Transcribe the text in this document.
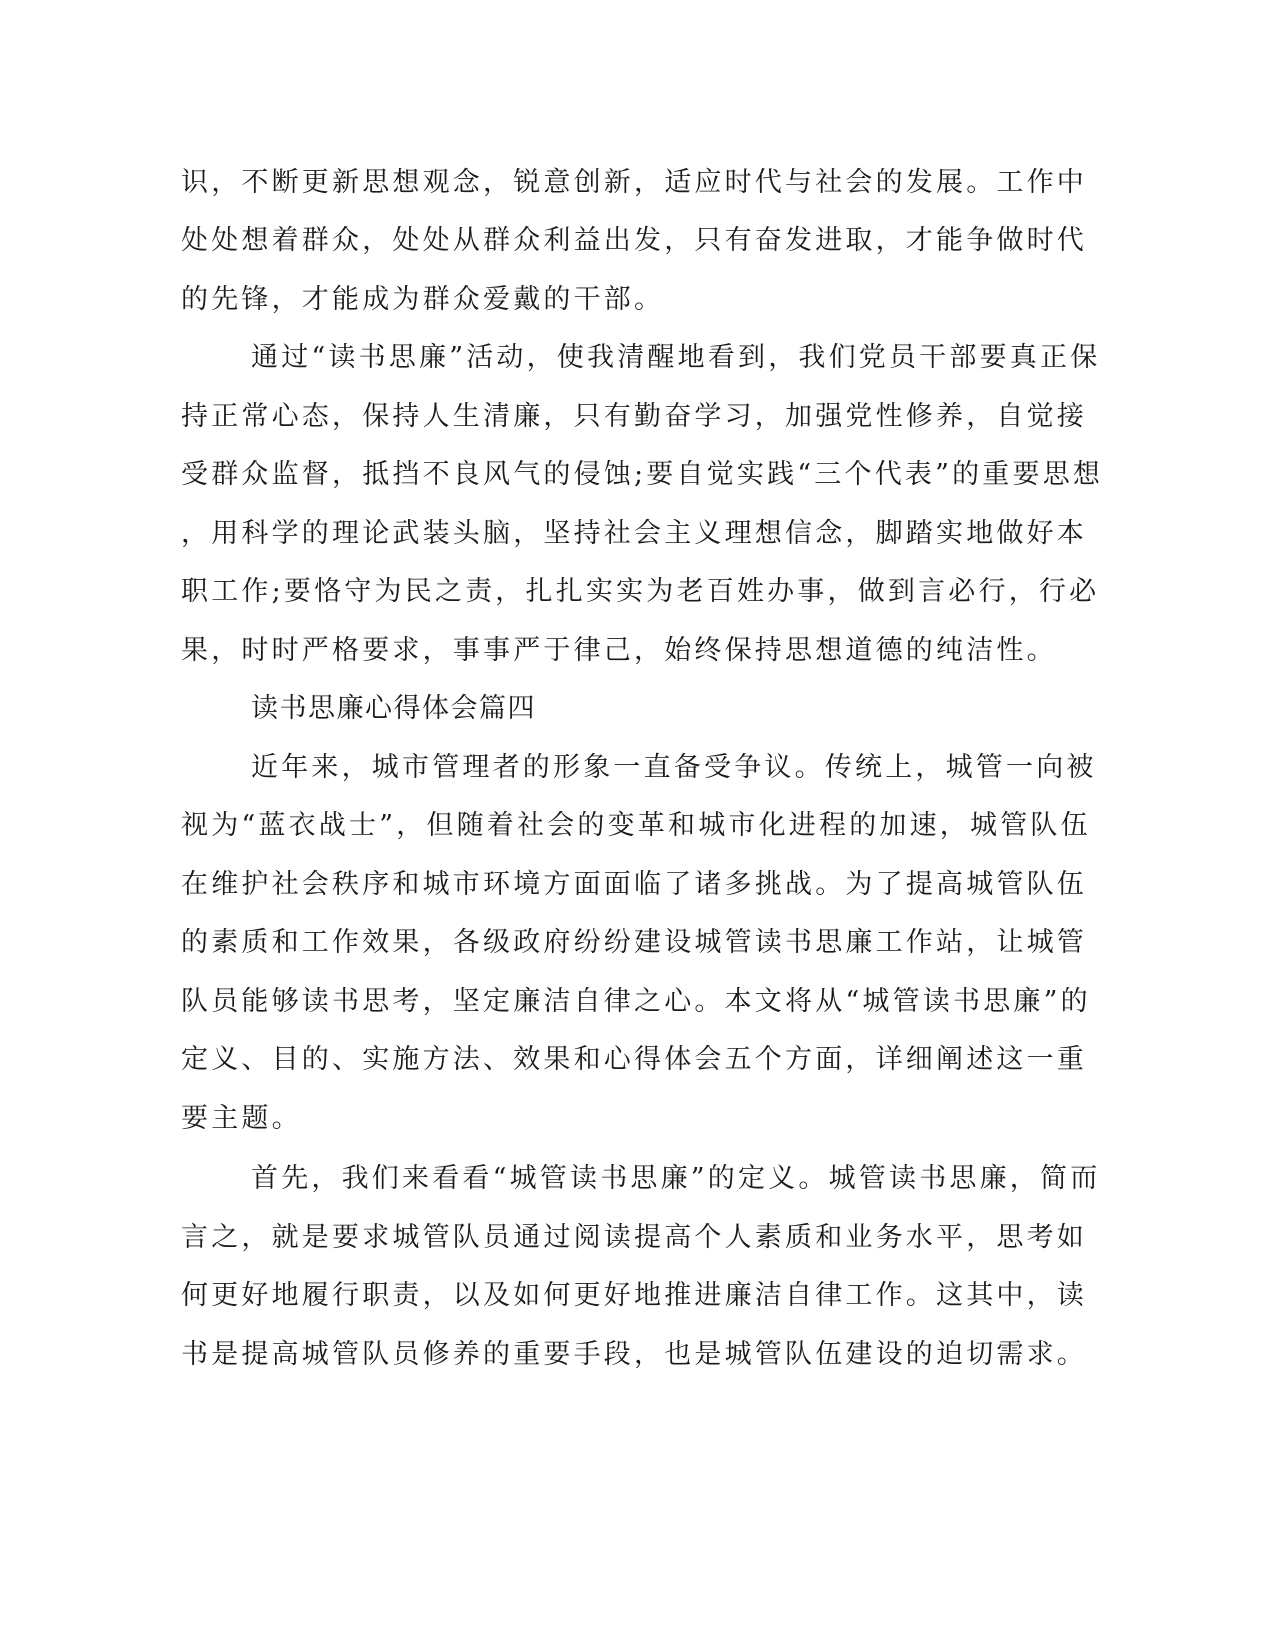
识，不断更新思想观念，锐意创新，适应时代与社会的发展。工作中
处处想着群众，处处从群众利益出发，只有奋发进取，才能争做时代
的先锋，才能成为群众爱戴的干部。
通过“读书思廉”活动，使我清醒地看到，我们党员干部要真正保
持正常心态，保持人生清廉，只有勤奋学习，加强党性修养，自觉接
受群众监督，抵挡不良风气的侵蚀;要自觉实践“三个代表”的重要思想
，用科学的理论武装头脑，坚持社会主义理想信念，脚踏实地做好本
职工作;要恪守为民之责，扎扎实实为老百姓办事，做到言必行，行必
果，时时严格要求，事事严于律己，始终保持思想道德的纯洁性。
读书思廉心得体会篇四
近年来，城市管理者的形象一直备受争议。传统上，城管一向被
视为“蓝衣战士”，但随着社会的变革和城市化进程的加速，城管队伍
在维护社会秩序和城市环境方面面临了诸多挑战。为了提高城管队伍
的素质和工作效果，各级政府纷纷建设城管读书思廉工作站，让城管
队员能够读书思考，坚定廉洁自律之心。本文将从“城管读书思廉”的
定义、目的、实施方法、效果和心得体会五个方面，详细阐述这一重
要主题。
首先，我们来看看“城管读书思廉”的定义。城管读书思廉，简而
言之，就是要求城管队员通过阅读提高个人素质和业务水平，思考如
何更好地履行职责，以及如何更好地推进廉洁自律工作。这其中，读
书是提高城管队员修养的重要手段，也是城管队伍建设的迫切需求。
